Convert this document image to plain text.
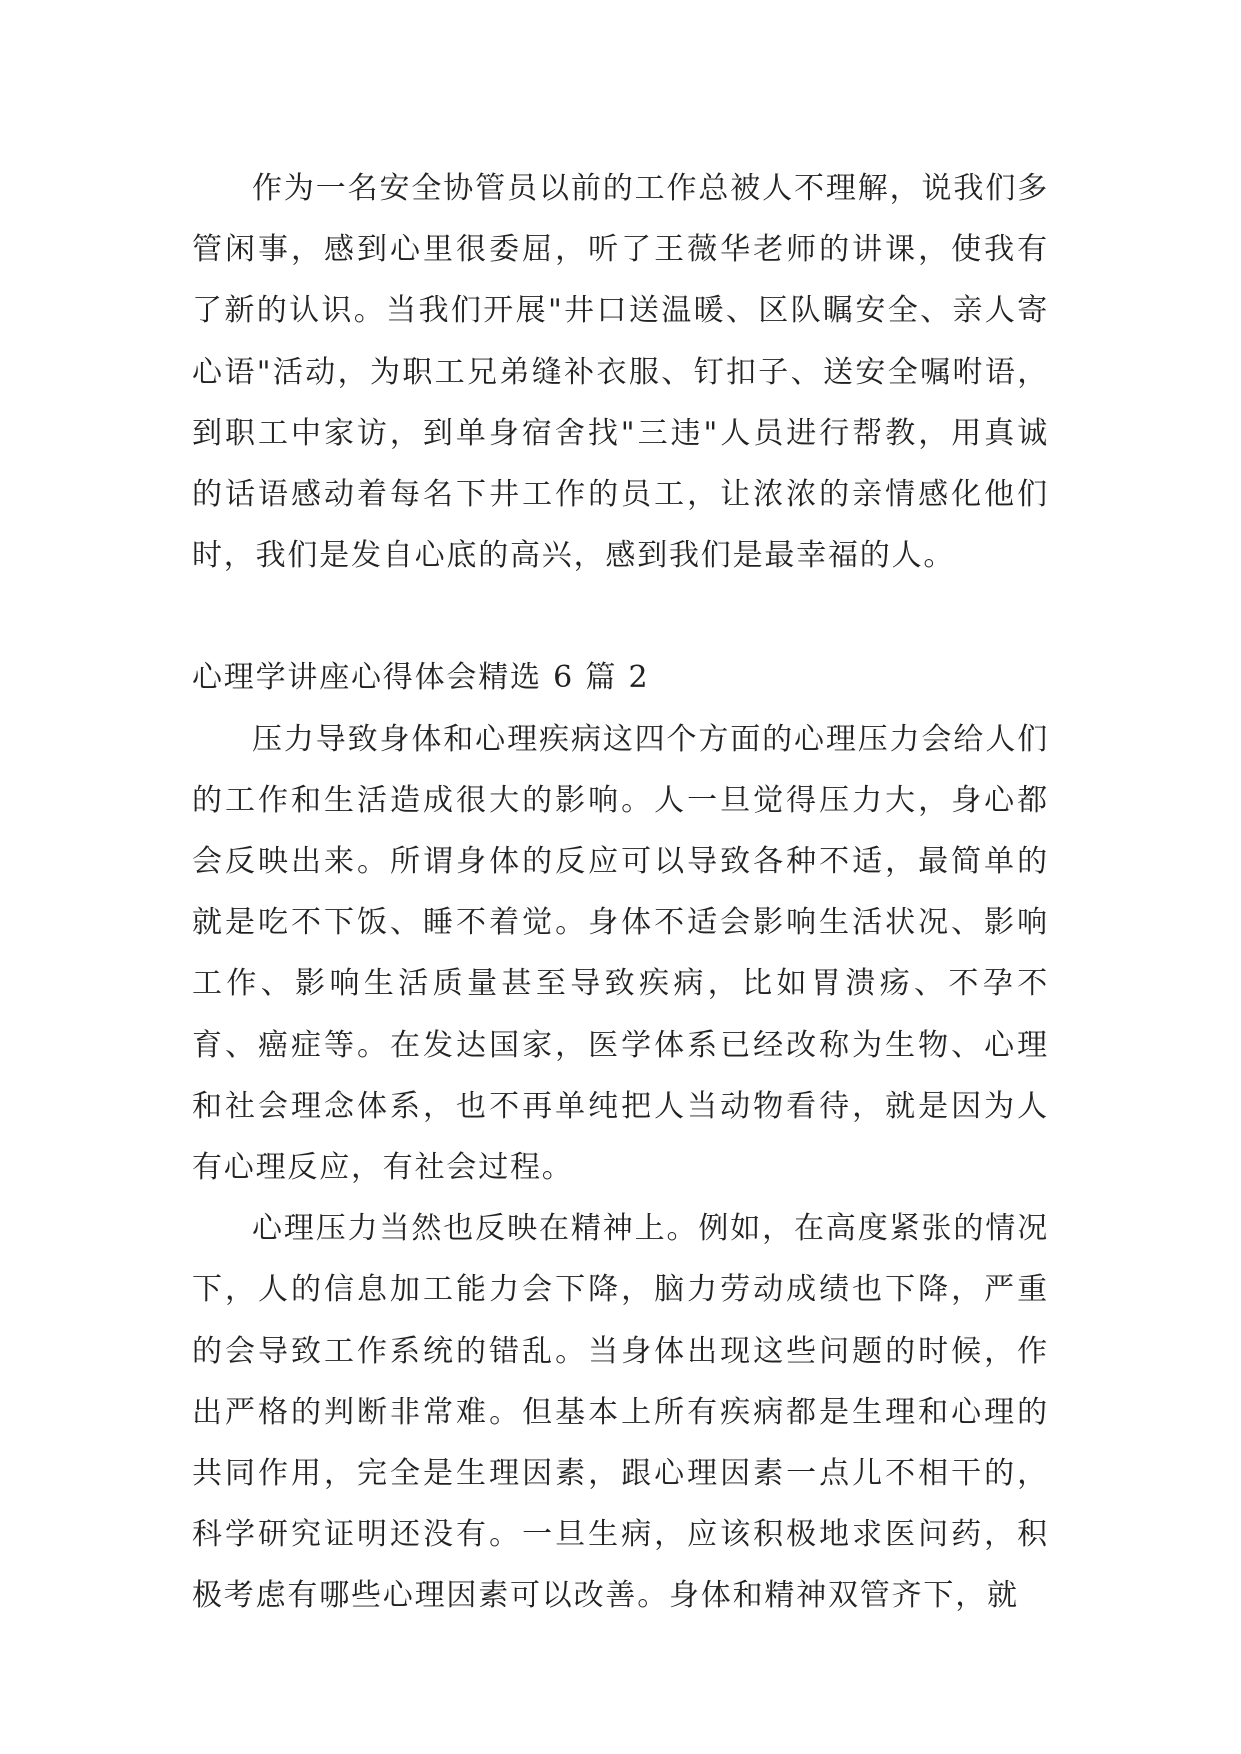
作为一名安全协管员以前的工作总被人不理解，说我们多管闲事，感到心里很委屈，听了王薇华老师的讲课，使我有了新的认识。当我们开展"井口送温暖、区队瞩安全、亲人寄心语"活动，为职工兄弟缝补衣服、钉扣子、送安全嘱咐语，到职工中家访，到单身宿舍找"三违"人员进行帮教，用真诚的话语感动着每名下井工作的员工，让浓浓的亲情感化他们时，我们是发自心底的高兴，感到我们是最幸福的人。

心理学讲座心得体会精选 6 篇 2

压力导致身体和心理疾病这四个方面的心理压力会给人们的工作和生活造成很大的影响。人一旦觉得压力大，身心都会反映出来。所谓身体的反应可以导致各种不适，最简单的就是吃不下饭、睡不着觉。身体不适会影响生活状况、影响工作、影响生活质量甚至导致疾病，比如胃溃疡、不孕不育、癌症等。在发达国家，医学体系已经改称为生物、心理和社会理念体系，也不再单纯把人当动物看待，就是因为人有心理反应，有社会过程。

心理压力当然也反映在精神上。例如，在高度紧张的情况下，人的信息加工能力会下降，脑力劳动成绩也下降，严重的会导致工作系统的错乱。当身体出现这些问题的时候，作出严格的判断非常难。但基本上所有疾病都是生理和心理的共同作用，完全是生理因素，跟心理因素一点儿不相干的，科学研究证明还没有。一旦生病，应该积极地求医问药，积极考虑有哪些心理因素可以改善。身体和精神双管齐下，就
